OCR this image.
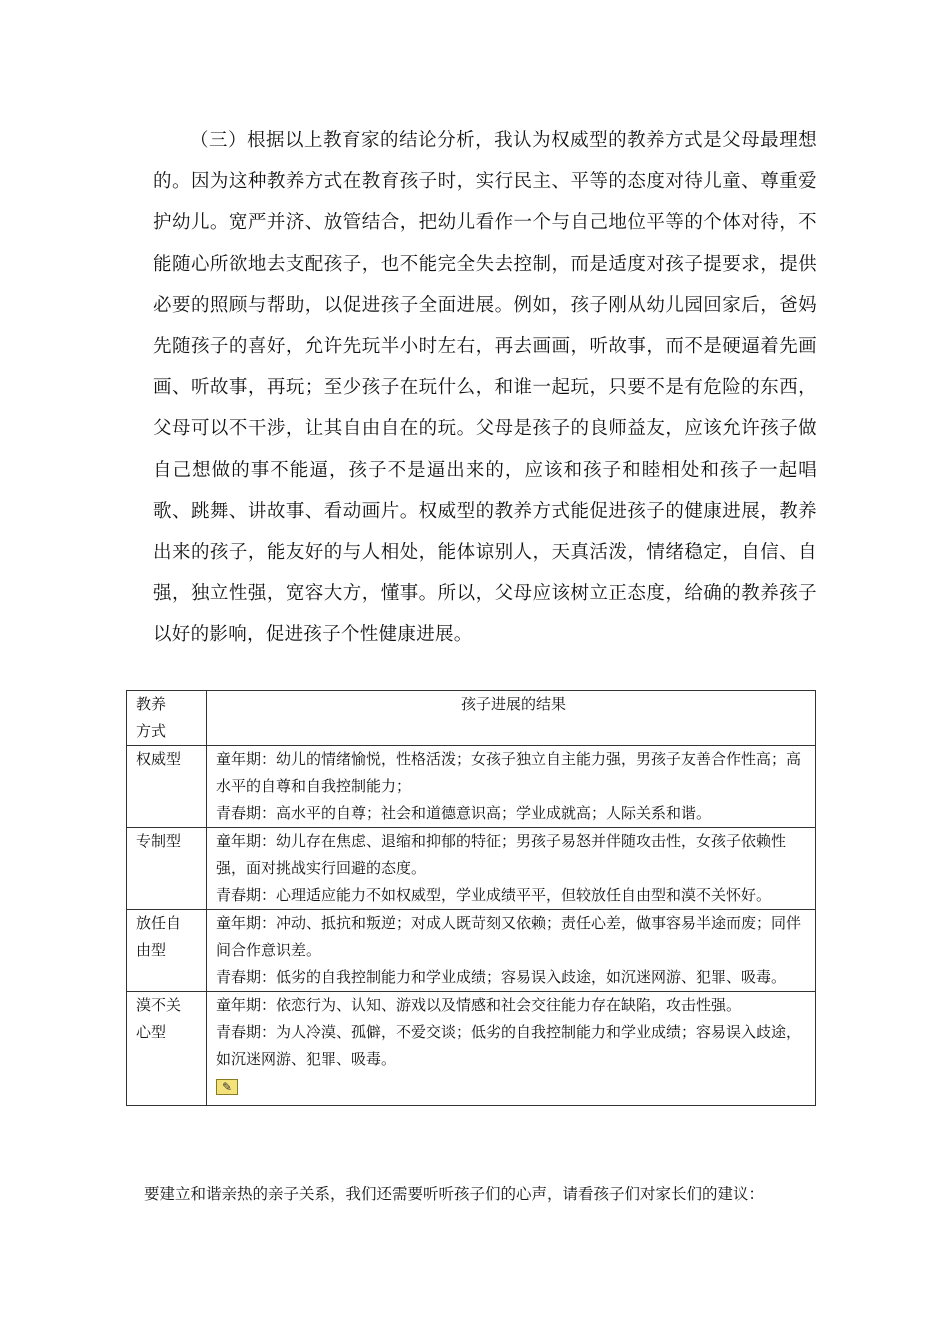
（三）根据以上教育家的结论分析，我认为权威型的教养方式是父母最理想的。因为这种教养方式在教育孩子时，实行民主、平等的态度对待儿童、尊重爱护幼儿。宽严并济、放管结合，把幼儿看作一个与自己地位平等的个体对待，不能随心所欲地去支配孩子，也不能完全失去控制，而是适度对孩子提要求，提供必要的照顾与帮助，以促进孩子全面进展。例如，孩子刚从幼儿园回家后，爸妈先随孩子的喜好，允许先玩半小时左右，再去画画，听故事，而不是硬逼着先画画、听故事，再玩；至少孩子在玩什么，和谁一起玩，只要不是有危险的东西，父母可以不干涉，让其自由自在的玩。父母是孩子的良师益友，应该允许孩子做自己想做的事不能逼，孩子不是逼出来的，应该和孩子和睦相处和孩子一起唱歌、跳舞、讲故事、看动画片。权威型的教养方式能促进孩子的健康进展，教养出来的孩子，能友好的与人相处，能体谅别人，天真活泼，情绪稳定，自信、自强，独立性强，宽容大方，懂事。所以，父母应该树立正态度，给确的教养孩子以好的影响，促进孩子个性健康进展。
教养
方式	孩子进展的结果

权威型	童年期：幼儿的情绪愉悦，性格活泼；女孩子独立自主能力强，男孩子友善合作性高；高水平的自尊和自我控制能力；
青春期：高水平的自尊；社会和道德意识高；学业成就高；人际关系和谐。

专制型	童年期：幼儿存在焦虑、退缩和抑郁的特征；男孩子易怒并伴随攻击性，女孩子依赖性强，面对挑战实行回避的态度。
青春期：心理适应能力不如权威型，学业成绩平平，但较放任自由型和漠不关怀好。

放任自
由型	童年期：冲动、抵抗和叛逆；对成人既苛刻又依赖；责任心差，做事容易半途而废；同伴间合作意识差。
青春期：低劣的自我控制能力和学业成绩；容易误入歧途，如沉迷网游、犯罪、吸毒。

漠不关
心型	童年期：依恋行为、认知、游戏以及情感和社会交往能力存在缺陷，攻击性强。
青春期：为人冷漠、孤僻，不爱交谈；低劣的自我控制能力和学业成绩；容易误入歧途，如沉迷网游、犯罪、吸毒。
✎
要建立和谐亲热的亲子关系，我们还需要听听孩子们的心声，请看孩子们对家长们的建议：
